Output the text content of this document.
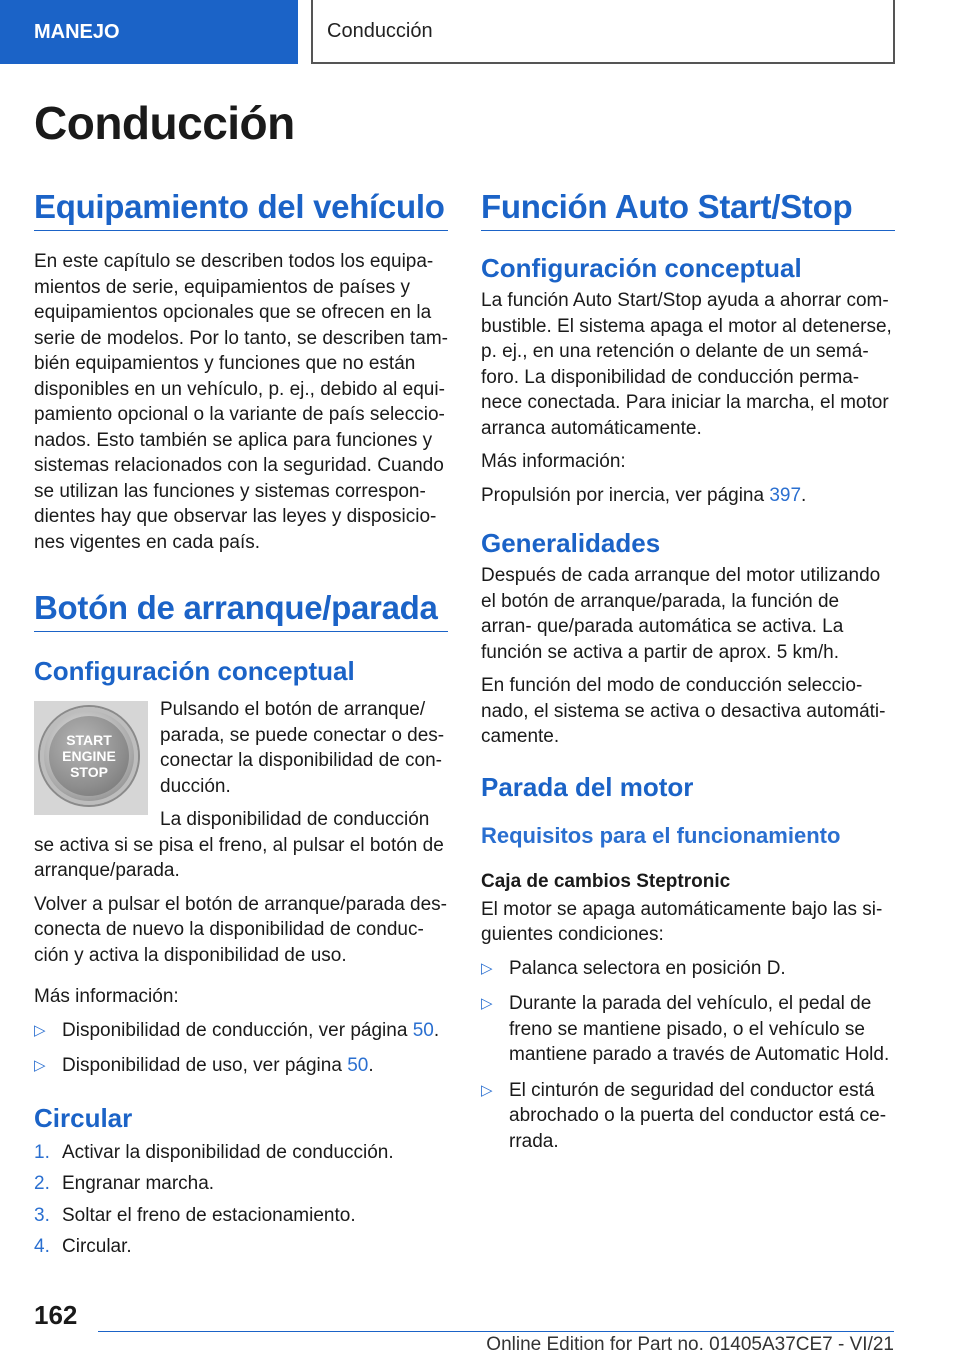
MANEJO	Conducción
Conducción
Equipamiento del vehículo

En este capítulo se describen todos los equipa- mientos de serie, equipamientos de países y equipamientos opcionales que se ofrecen en la serie de modelos. Por lo tanto, se describen tam- bién equipamientos y funciones que no están disponibles en un vehículo, p. ej., debido al equi- pamiento opcional o la variante de país seleccio- nados. Esto también se aplica para funciones y sistemas relacionados con la seguridad. Cuando se utilizan las funciones y sistemas correspon- dientes hay que observar las leyes y disposicio- nes vigentes en cada país.

Botón de arranque/parada
Configuración conceptual
START
ENGINE
STOP

Pulsando el botón de arranque/ parada, se puede conectar o des- conectar la disponibilidad de con- ducción.

La disponibilidad de conducción se activa si se pisa el freno, al pulsar el botón de arranque/parada.

Volver a pulsar el botón de arranque/parada des- conecta de nuevo la disponibilidad de conduc- ción y activa la disponibilidad de uso.

Más información:

▷ Disponibilidad de conducción, ver página 50.
▷ Disponibilidad de uso, ver página 50.
Circular
1. Activar la disponibilidad de conducción.
2. Engranar marcha.
3. Soltar el freno de estacionamiento.
4. Circular.
Función Auto Start/Stop
Configuración conceptual

La función Auto Start/Stop ayuda a ahorrar com- bustible. El sistema apaga el motor al detenerse, p. ej., en una retención o delante de un semá- foro. La disponibilidad de conducción perma- nece conectada. Para iniciar la marcha, el motor arranca automáticamente.

Más información:

Propulsión por inercia, ver página 397.

Generalidades

Después de cada arranque del motor utilizando el botón de arranque/parada, la función de arran- que/parada automática se activa. La función se activa a partir de aprox. 5 km/h.

En función del modo de conducción seleccio- nado, el sistema se activa o desactiva automáti- camente.

Parada del motor
Requisitos para el funcionamiento
Caja de cambios Steptronic

El motor se apaga automáticamente bajo las si- guientes condiciones:

▷ Palanca selectora en posición D.
▷ Durante la parada del vehículo, el pedal de freno se mantiene pisado, o el vehículo se mantiene parado a través de Automatic Hold.
▷ El cinturón de seguridad del conductor está abrochado o la puerta del conductor está ce- rrada.
162
Online Edition for Part no. 01405A37CE7 - VI/21
